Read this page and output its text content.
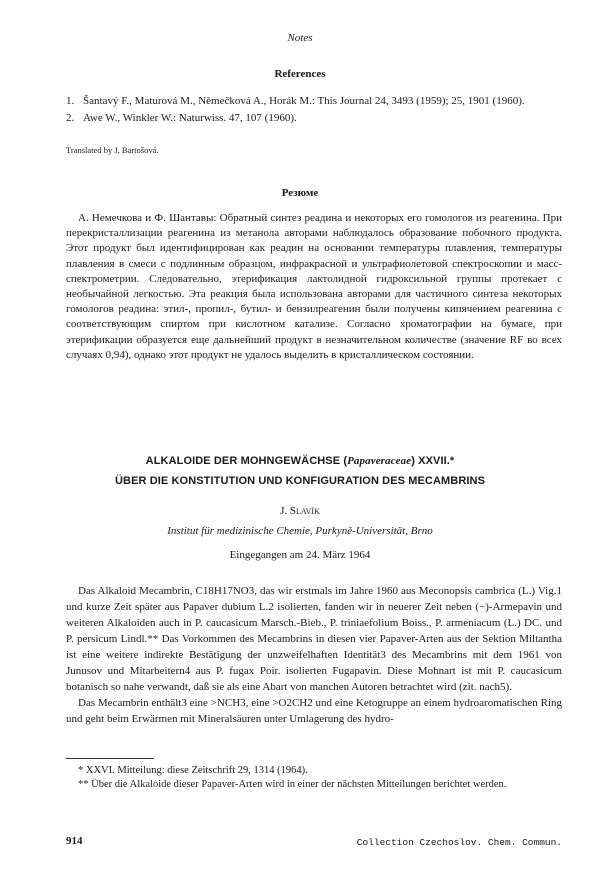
Notes
References
1. Šantavý F., Maturová M., Němečková A., Horák M.: This Journal 24, 3493 (1959); 25, 1901 (1960).
2. Awe W., Winkler W.: Naturwiss. 47, 107 (1960).
Translated by J. Bartošová.
Резюме
А. Немечкова и Ф. Шантавы: Обратный синтез реадина и некоторых его гомологов из реагенина. При перекристаллизации реагенина из метанола авторами наблюдалось образование побочного продукта. Этот продукт был идентифицирован как реадин на основании температуры плавления, температуры плавления в смеси с подлинным образцом, инфракрасной и ультрафиолетовой спектроскопии и масс-спектрометрии. Следовательно, этерификация лактолидной гидроксильной группы протекает с необычайной легкостью. Эта реакция была использована авторами для частичного синтеза некоторых гомологов реадина: этил-, пропил-, бутил- и бензилреагенин были получены кипячением реагенина с соответствующим спиртом при кислотном катализе. Согласно хроматографии на бумаге, при этерификации образуется еще дальнейший продукт в незначительном количестве (значение RF во всех случаях 0,94), однако этот продукт не удалось выделить в кристаллическом состоянии.
ALKALOIDE DER MOHNGEWÄCHSE (Papaveraceae) XXVII.*
ÜBER DIE KONSTITUTION UND KONFIGURATION DES MECAMBRINS
J. Slavík
Institut für medizinische Chemie, Purkyně-Universität, Brno
Eingegangen am 24. März 1964

Das Alkaloid Mecambrin, C18H17NO3, das wir erstmals im Jahre 1960 aus Meconopsis cambrica (L.) Vig.1 und kurze Zeit später aus Papaver dubium L.2 isolierten, fanden wir in neuerer Zeit neben (−)-Armepavin und weiteren Alkaloiden auch in P. caucasicum Marsch.-Bieb., P. triniaefolium Boiss., P. armeniacum (L.) DC. und P. persicum Lindl.** Das Vorkommen des Mecambrins in diesen vier Papaver-Arten aus der Sektion Miltantha ist eine weitere indirekte Bestätigung der unzweifelhaften Identität3 des Mecambrins mit dem 1961 von Junusov und Mitarbeitern4 aus P. fugax Poir. isolierten Fugapavin. Diese Mohnart ist mit P. caucasicum botanisch so nahe verwandt, daß sie als eine Abart von manchen Autoren betrachtet wird (zit. nach5).

Das Mecambrin enthält3 eine >NCH3, eine >O2CH2 und eine Ketogruppe an einem hydroaromatischen Ring und geht beim Erwärmen mit Mineralsäuren unter Umlagerung des hydro-

* XXVI. Mitteilung: diese Zeitschrift 29, 1314 (1964).
** Über die Alkaloide dieser Papaver-Arten wird in einer der nächsten Mitteilungen berichtet werden.
914	Collection Czechoslov. Chem. Commun.
